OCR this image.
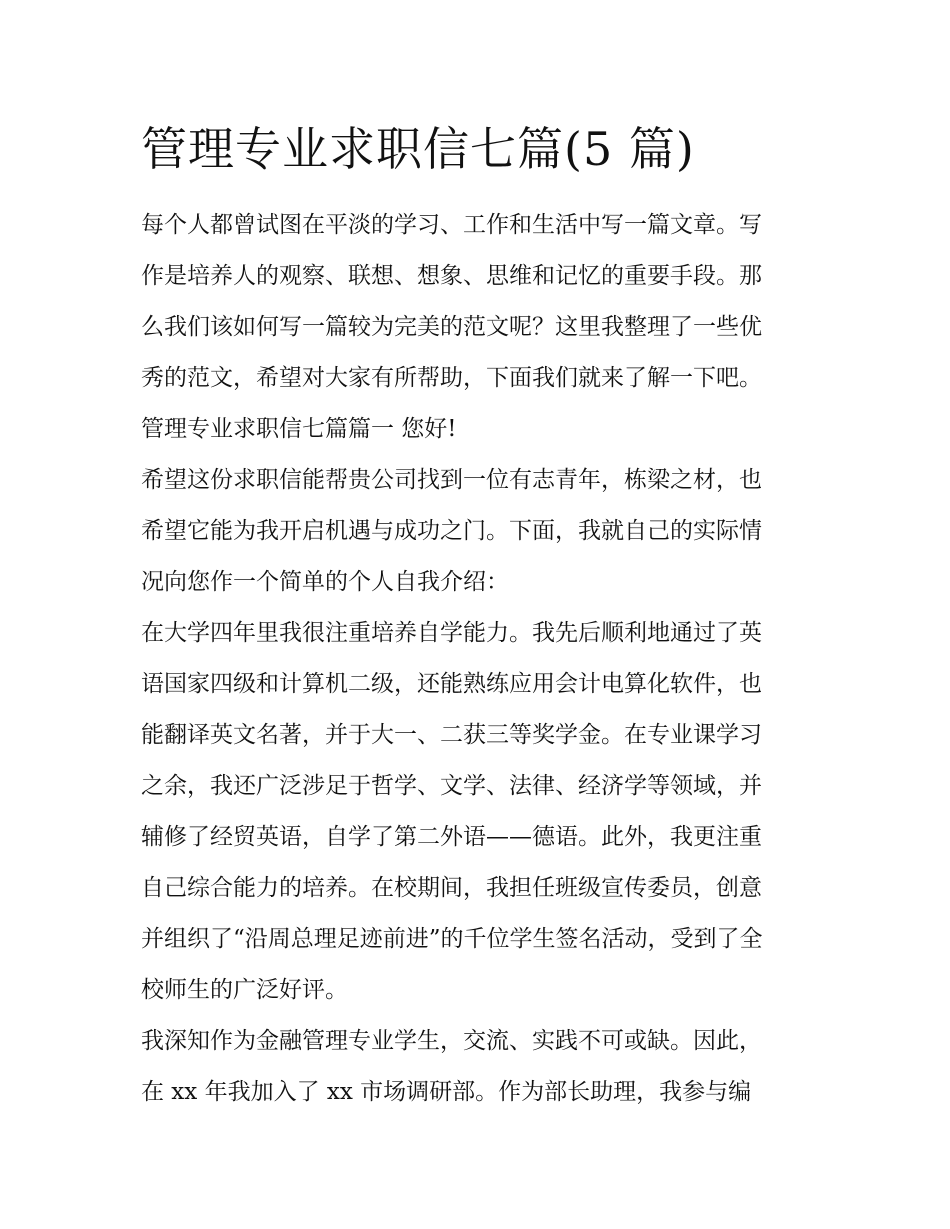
管理专业求职信七篇(5 篇)

每个人都曾试图在平淡的学习、工作和生活中写一篇文章。写
作是培养人的观察、联想、想象、思维和记忆的重要手段。那
么我们该如何写一篇较为完美的范文呢？这里我整理了一些优
秀的范文，希望对大家有所帮助，下面我们就来了解一下吧。

管理专业求职信七篇篇一 您好!

希望这份求职信能帮贵公司找到一位有志青年，栋梁之材，也
希望它能为我开启机遇与成功之门。下面，我就自己的实际情
况向您作一个简单的个人自我介绍：

在大学四年里我很注重培养自学能力。我先后顺利地通过了英
语国家四级和计算机二级，还能熟练应用会计电算化软件，也
能翻译英文名著，并于大一、二获三等奖学金。在专业课学习
之余，我还广泛涉足于哲学、文学、法律、经济学等领域，并
辅修了经贸英语，自学了第二外语——德语。此外，我更注重
自己综合能力的培养。在校期间，我担任班级宣传委员，创意
并组织了“沿周总理足迹前进”的千位学生签名活动，受到了全
校师生的广泛好评。

我深知作为金融管理专业学生，交流、实践不可或缺。因此，
在 xx 年我加入了 xx 市场调研部。作为部长助理，我参与编
